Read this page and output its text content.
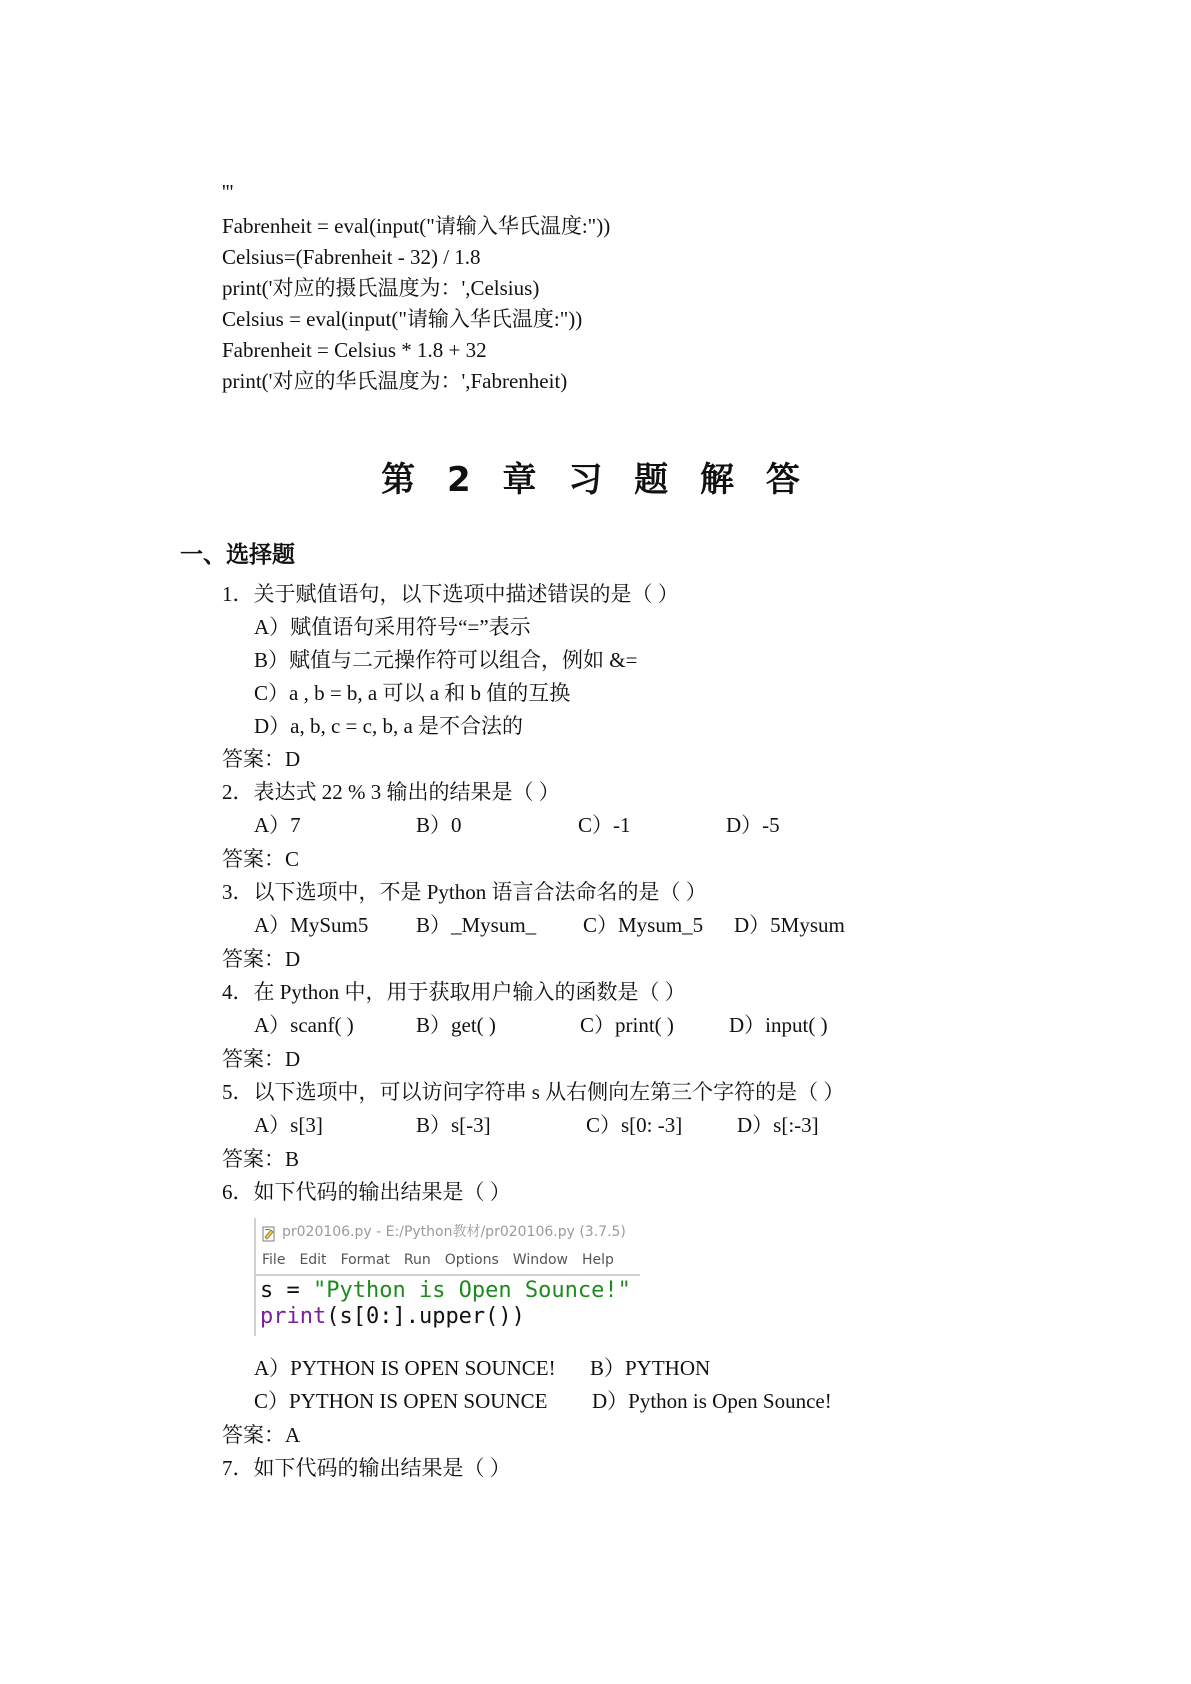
'''
Fabrenheit = eval(input("请输入华氏温度:"))
Celsius=(Fabrenheit - 32) / 1.8
print('对应的摄氏温度为：',Celsius)
Celsius = eval(input("请输入华氏温度:"))
Fabrenheit = Celsius * 1.8 + 32
print('对应的华氏温度为：',Fabrenheit)
第 2 章 习 题 解 答
一、选择题
1．关于赋值语句，以下选项中描述错误的是（ ）
A）赋值语句采用符号“=”表示
B）赋值与二元操作符可以组合，例如 &=
C）a , b = b, a 可以 a 和 b 值的互换
D）a, b, c = c, b, a 是不合法的
答案：D
2．表达式 22 % 3 输出的结果是（ ）
A）7	B）0	C）-1	D）-5
答案：C
3．以下选项中，不是 Python 语言合法命名的是（ ）
A）MySum5 B）_Mysum_ C）Mysum_5 D）5Mysum
答案：D
4．在 Python 中，用于获取用户输入的函数是（ ）
A）scanf( )	B）get( )	C）print( )	D）input( )
答案：D
5．以下选项中，可以访问字符串 s 从右侧向左第三个字符的是（ ）
A）s[3]	B）s[-3]	C）s[0: -3]	D）s[:-3]
答案：B
6．如下代码的输出结果是（ ）
pr020106.py - E:/Python教材/pr020106.py (3.7.5)
File Edit Format Run Options Window Help
s = "Python is Open Sounce!"
print(s[0:].upper())
A）PYTHON IS OPEN SOUNCE! B）PYTHON
C）PYTHON IS OPEN SOUNCE D）Python is Open Sounce!
答案：A
7．如下代码的输出结果是（ ）
